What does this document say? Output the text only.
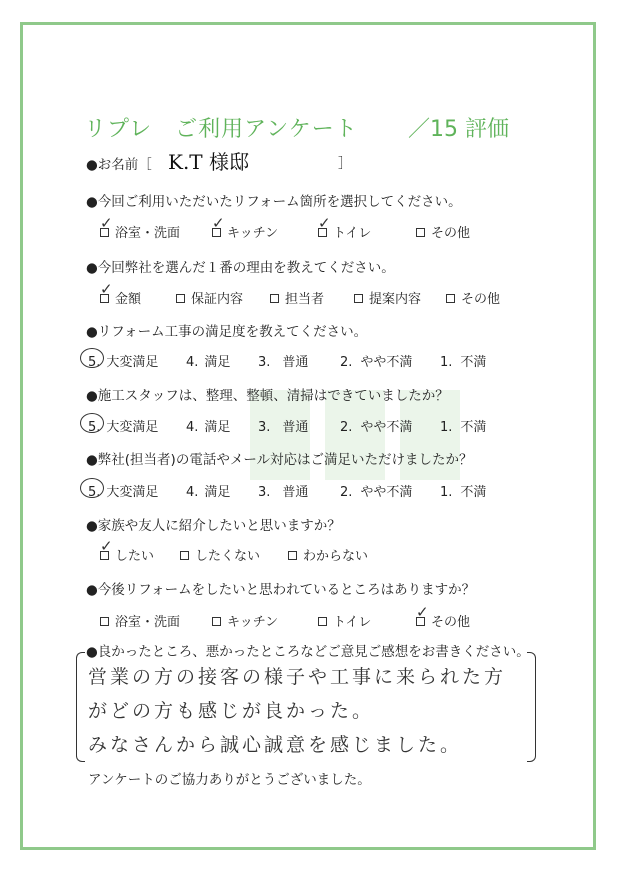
リプレ　ご利用アンケート ／15 評価
●お名前［ K.T 様邸	］
●今回ご利用いただいたリフォーム箇所を選択してください。
浴室・洗面	キッチン	トイレ	その他
✓	✓	✓
●今回弊社を選んだ１番の理由を教えてください。
金額	保証内容	担当者	提案内容	その他
✓
●リフォーム工事の満足度を教えてください。
5. 大変満足 4. 満足 3. 普通 2. やや不満 1. 不満
●施工スタッフは、整理、整頓、清掃はできていましたか？
5. 大変満足 4. 満足 3. 普通 2. やや不満 1. 不満
●弊社(担当者)の電話やメール対応はご満足いただけましたか？
5. 大変満足 4. 満足 3. 普通 2. やや不満 1. 不満
●家族や友人に紹介したいと思いますか？
したい	したくない	わからない
✓
●今後リフォームをしたいと思われているところはありますか？
浴室・洗面	キッチン	トイレ	その他
✓
●良かったところ、悪かったところなどご意見ご感想をお書きください。
営業の方の接客の様子や工事に来られた方
がどの方も感じが良かった。
みなさんから誠心誠意を感じました。
アンケートのご協力ありがとうございました。
